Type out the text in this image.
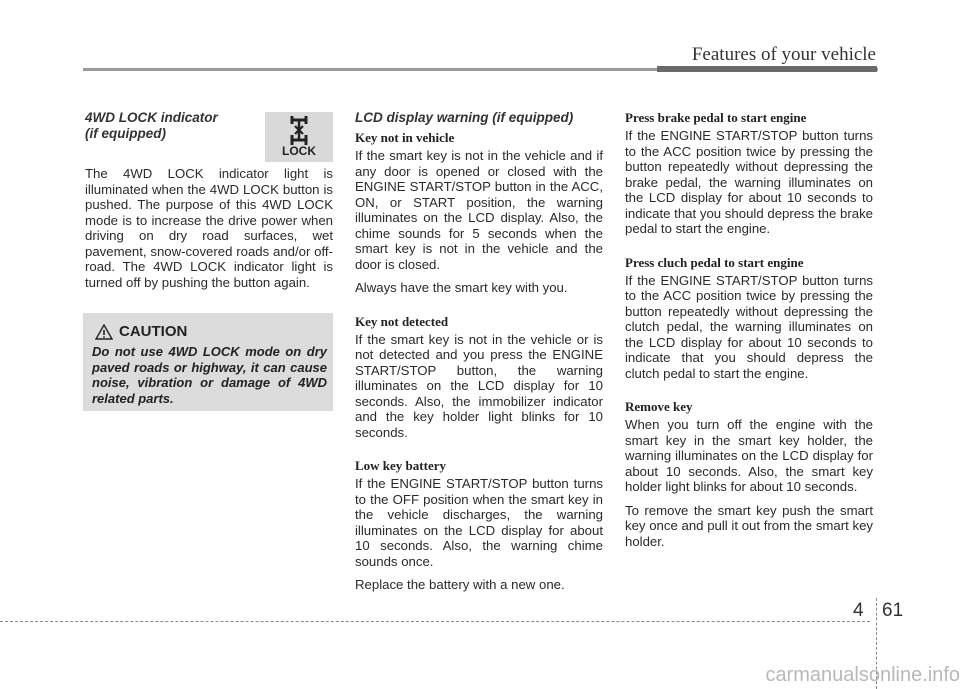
Features of your vehicle
4WD LOCK indicator
(if equipped)

The 4WD LOCK indicator light is illuminated when the 4WD LOCK button is pushed. The purpose of this 4WD LOCK mode is to increase the drive power when driving on dry road surfaces, wet pavement, snow-covered roads and/or off-road. The 4WD LOCK indicator light is turned off by pushing the button again.

LOCK
CAUTION
Do not use 4WD LOCK mode on dry paved roads or highway, it can cause noise, vibration or damage of 4WD related parts.
LCD display warning (if equipped)
Key not in vehicle

If the smart key is not in the vehicle and if any door is opened or closed with the ENGINE START/STOP button in the ACC, ON, or START position, the warning illuminates on the LCD display. Also, the chime sounds for 5 seconds when the smart key is not in the vehicle and the door is closed.

Always have the smart key with you.

Key not detected

If the smart key is not in the vehicle or is not detected and you press the ENGINE START/STOP button, the warning illuminates on the LCD display for 10 seconds. Also, the immobilizer indicator and the key holder light blinks for 10 seconds.

Low key battery

If the ENGINE START/STOP button turns to the OFF position when the smart key in the vehicle discharges, the warning illuminates on the LCD display for about 10 seconds. Also, the warning chime sounds once.

Replace the battery with a new one.

Press brake pedal to start engine

If the ENGINE START/STOP button turns to the ACC position twice by pressing the button repeatedly without depressing the brake pedal, the warning illuminates on the LCD display for about 10 seconds to indicate that you should depress the brake pedal to start the engine.

Press cluch pedal to start engine

If the ENGINE START/STOP button turns to the ACC position twice by pressing the button repeatedly without depressing the clutch pedal, the warning illuminates on the LCD display for about 10 seconds to indicate that you should depress the clutch pedal to start the engine.

Remove key

When you turn off the engine with the smart key in the smart key holder, the warning illuminates on the LCD display for about 10 seconds. Also, the smart key holder light blinks for about 10 seconds.

To remove the smart key push the smart key once and pull it out from the smart key holder.

4 61
carmanualsonline.info
